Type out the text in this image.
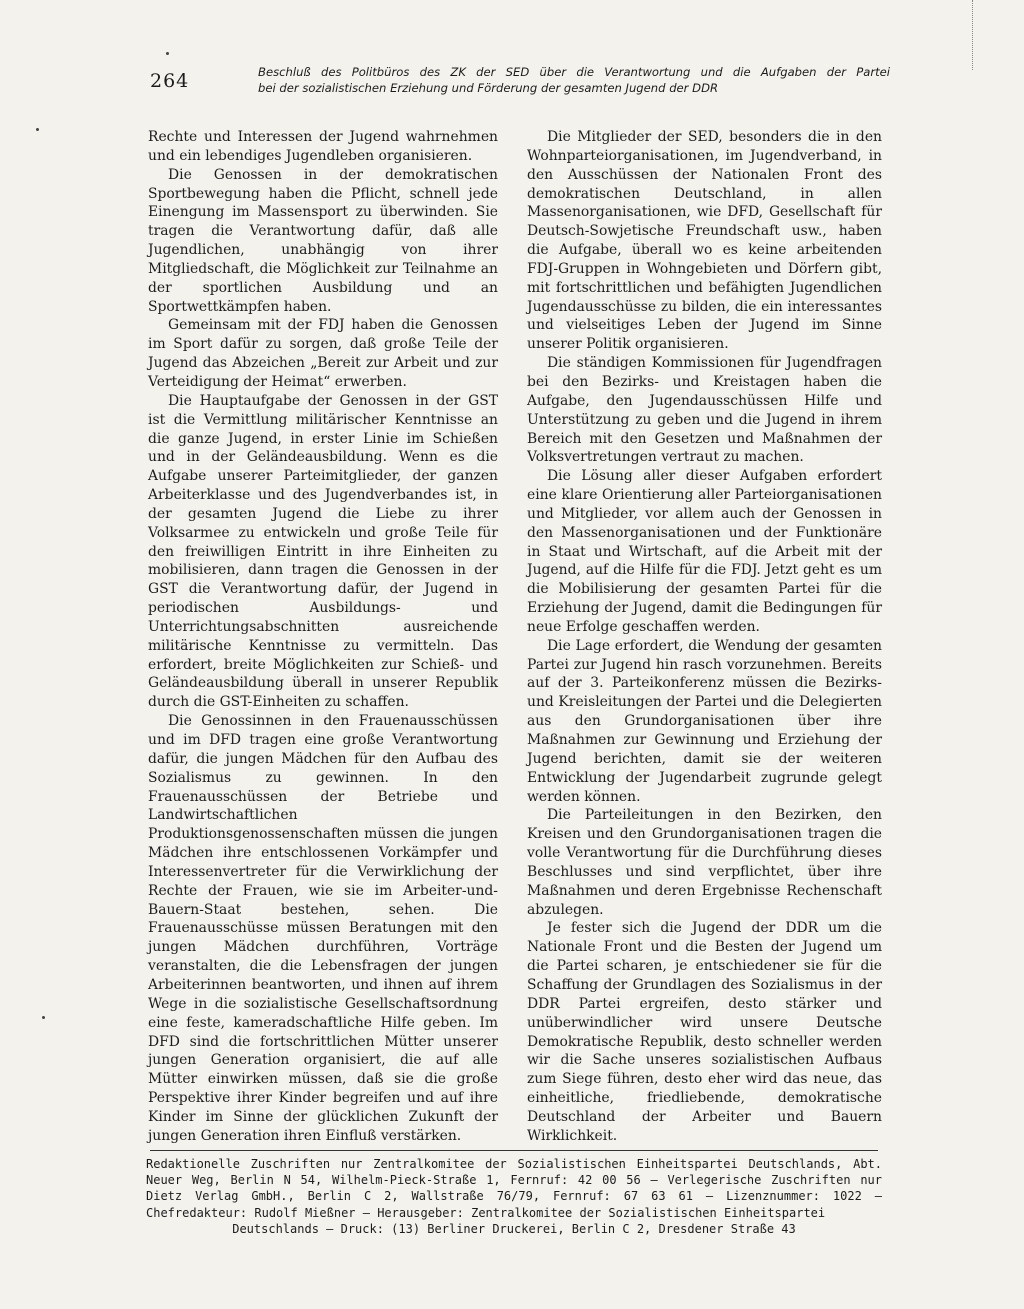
264	Beschluß des Politbüros des ZK der SED über die Verantwortung und die Aufgaben der Partei
bei der sozialistischen Erziehung und Förderung der gesamten Jugend der DDR

Rechte und Interessen der Jugend wahrnehmen und ein lebendiges Jugendleben organisieren.

Die Genossen in der demokratischen Sportbewegung haben die Pflicht, schnell jede Einengung im Massensport zu überwinden. Sie tragen die Verantwortung dafür, daß alle Jugendlichen, unabhängig von ihrer Mitgliedschaft, die Möglichkeit zur Teilnahme an der sportlichen Ausbildung und an Sportwettkämpfen haben.

Gemeinsam mit der FDJ haben die Genossen im Sport dafür zu sorgen, daß große Teile der Jugend das Abzeichen „Bereit zur Arbeit und zur Verteidigung der Heimat“ erwerben.

Die Hauptaufgabe der Genossen in der GST ist die Vermittlung militärischer Kenntnisse an die ganze Jugend, in erster Linie im Schießen und in der Geländeausbildung. Wenn es die Aufgabe unserer Parteimitglieder, der ganzen Arbeiterklasse und des Jugendverbandes ist, in der gesamten Jugend die Liebe zu ihrer Volksarmee zu entwickeln und große Teile für den freiwilligen Eintritt in ihre Einheiten zu mobilisieren, dann tragen die Genossen in der GST die Verantwortung dafür, der Jugend in periodischen Ausbildungs- und Unterrichtungsabschnitten ausreichende militärische Kenntnisse zu vermitteln. Das erfordert, breite Möglichkeiten zur Schieß- und Geländeausbildung überall in unserer Republik durch die GST-Einheiten zu schaffen.

Die Genossinnen in den Frauenausschüssen und im DFD tragen eine große Verantwortung dafür, die jungen Mädchen für den Aufbau des Sozialismus zu gewinnen. In den Frauenausschüssen der Betriebe und Landwirtschaftlichen Produktionsgenossenschaften müssen die jungen Mädchen ihre entschlossenen Vorkämpfer und Interessenvertreter für die Verwirklichung der Rechte der Frauen, wie sie im Arbeiter-und-Bauern-Staat bestehen, sehen. Die Frauenausschüsse müssen Beratungen mit den jungen Mädchen durchführen, Vorträge veranstalten, die die Lebensfragen der jungen Arbeiterinnen beantworten, und ihnen auf ihrem Wege in die sozialistische Gesellschaftsordnung eine feste, kameradschaftliche Hilfe geben. Im DFD sind die fortschrittlichen Mütter unserer jungen Generation organisiert, die auf alle Mütter einwirken müssen, daß sie die große Perspektive ihrer Kinder begreifen und auf ihre Kinder im Sinne der glücklichen Zukunft der jungen Generation ihren Einfluß verstärken.

Die Mitglieder der SED, besonders die in den Wohnparteiorganisationen, im Jugendverband, in den Ausschüssen der Nationalen Front des demokratischen Deutschland, in allen Massenorganisationen, wie DFD, Gesellschaft für Deutsch-Sowjetische Freundschaft usw., haben die Aufgabe, überall wo es keine arbeitenden FDJ-Gruppen in Wohngebieten und Dörfern gibt, mit fortschrittlichen und befähigten Jugendlichen Jugendausschüsse zu bilden, die ein interessantes und vielseitiges Leben der Jugend im Sinne unserer Politik organisieren.

Die ständigen Kommissionen für Jugendfragen bei den Bezirks- und Kreistagen haben die Aufgabe, den Jugendausschüssen Hilfe und Unterstützung zu geben und die Jugend in ihrem Bereich mit den Gesetzen und Maßnahmen der Volksvertretungen vertraut zu machen.

Die Lösung aller dieser Aufgaben erfordert eine klare Orientierung aller Parteiorganisationen und Mitglieder, vor allem auch der Genossen in den Massenorganisationen und der Funktionäre in Staat und Wirtschaft, auf die Arbeit mit der Jugend, auf die Hilfe für die FDJ. Jetzt geht es um die Mobilisierung der gesamten Partei für die Erziehung der Jugend, damit die Bedingungen für neue Erfolge geschaffen werden.

Die Lage erfordert, die Wendung der gesamten Partei zur Jugend hin rasch vorzunehmen. Bereits auf der 3. Parteikonferenz müssen die Bezirks- und Kreisleitungen der Partei und die Delegierten aus den Grundorganisationen über ihre Maßnahmen zur Gewinnung und Erziehung der Jugend berichten, damit sie der weiteren Entwicklung der Jugendarbeit zugrunde gelegt werden können.

Die Parteileitungen in den Bezirken, den Kreisen und den Grundorganisationen tragen die volle Verantwortung für die Durchführung dieses Beschlusses und sind verpflichtet, über ihre Maßnahmen und deren Ergebnisse Rechenschaft abzulegen.

Je fester sich die Jugend der DDR um die Nationale Front und die Besten der Jugend um die Partei scharen, je entschiedener sie für die Schaffung der Grundlagen des Sozialismus in der DDR Partei ergreifen, desto stärker und unüberwindlicher wird unsere Deutsche Demokratische Republik, desto schneller werden wir die Sache unseres sozialistischen Aufbaus zum Siege führen, desto eher wird das neue, das einheitliche, friedliebende, demokratische Deutschland der Arbeiter und Bauern Wirklichkeit.

Redaktionelle Zuschriften nur Zentralkomitee der Sozialistischen Einheitspartei Deutschlands, Abt. Neuer Weg, Berlin N 54, Wilhelm-Pieck-Straße 1, Fernruf: 42 00 56 — Verlegerische Zuschriften nur Dietz Verlag GmbH., Berlin C 2, Wallstraße 76/79, Fernruf: 67 63 61 — Lizenznummer: 1022 — Chefredakteur: Rudolf Mießner — Herausgeber: Zentralkomitee der Sozialistischen Einheitspartei

Deutschlands — Druck: (13) Berliner Druckerei, Berlin C 2, Dresdener Straße 43
